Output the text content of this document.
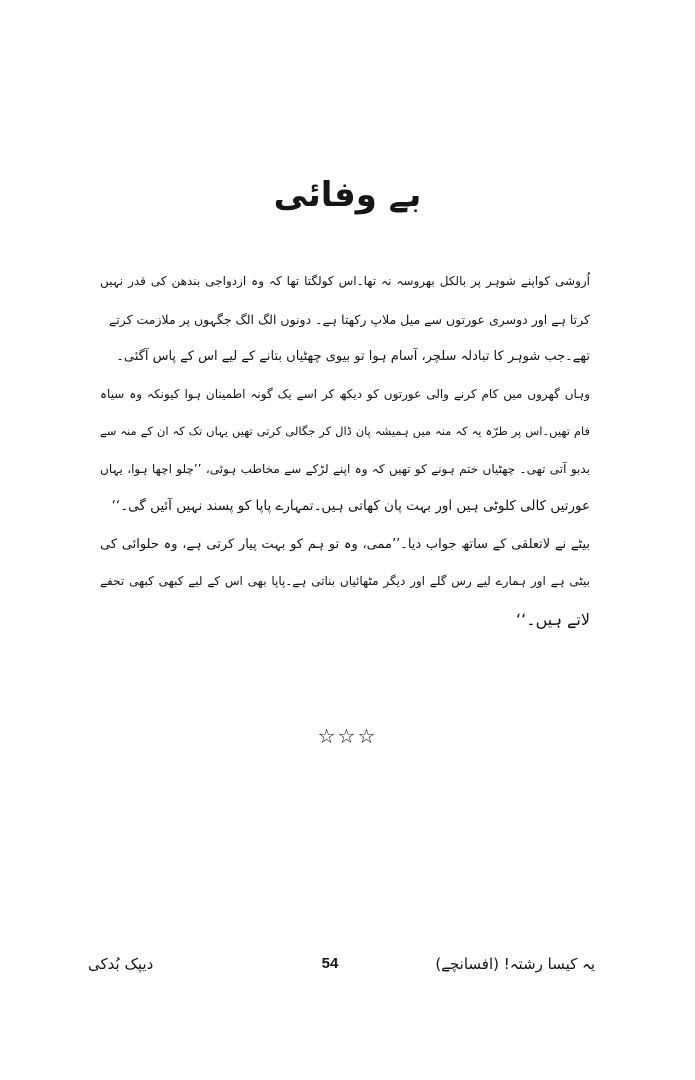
بے وفائی
اُروشی کواپنے شوہر پر بالکل بھروسہ نہ تھا۔اس کولگتا تھا کہ وہ ازدواجی بندھن کی قدر نہیں
کرتا ہے اور دوسری عورتوں سے میل ملاپ رکھتا ہے۔ دونوں الگ الگ جگہوں پر ملازمت کرتے
تھے۔جب شوہر کا تبادلہ سلچر، آسام ہوا تو بیوی چھٹیاں بتانے کے لیے اس کے پاس آگئی۔
وہاں گھروں میں کام کرنے والی عورتوں کو دیکھ کر اسے یک گونہ اطمینان ہوا کیونکہ وہ سیاہ
فام تھیں۔اس پر طرّہ یہ کہ منہ میں ہمیشہ پان ڈال کر جگالی کرتی تھیں یہاں تک کہ ان کے منہ سے
بدبو آتی تھی۔ چھٹیاں ختم ہونے کو تھیں کہ وہ اپنے لڑکے سے مخاطب ہوئی، ’’چلو اچھا ہوا، یہاں
عورتیں کالی کلوٹی ہیں اور بہت پان کھاتی ہیں۔تمہارے پاپا کو پسند نہیں آئیں گی۔‘‘
بیٹے نے لاتعلقی کے ساتھ جواب دیا۔’’ممی، وہ تو ہم کو بہت پیار کرتی ہے، وہ حلوائی کی
بیٹی ہے اور ہمارے لیے رس گلے اور دیگر مٹھائیاں بناتی ہے۔پاپا بھی اس کے لیے کبھی کبھی تحفے
لاتے ہیں۔‘‘
☆☆☆
یہ کیسا رشتہ! (افسانچے)
54
دیپک بُدکی
